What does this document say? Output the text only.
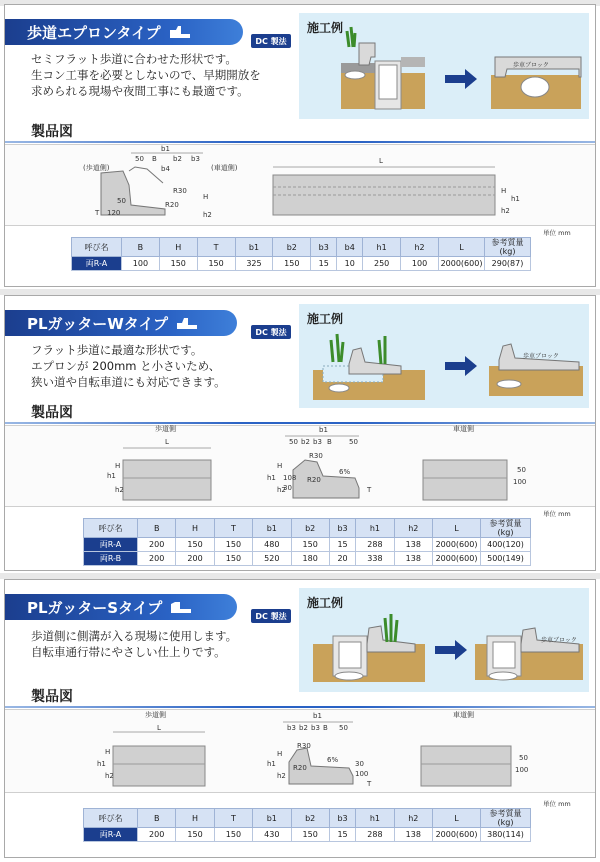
歩道エプロンタイプ	DC 製法

セミフラット歩道に合わせた形状です。

生コン工事を必要としないので、早期開放を

求められる現場や夜間工事にも最適です。

施工例
歩車ブロック
製品図
(歩道側)	(車道側)
b1
50 B b2 b3
b4
R30
R20
H
h2
T 120
50
L
H
h2
h1
単位 mm
呼び名	B	H	T	b1	b2	b3	b4	h1	h2	L	参考質量
(kg)
両R-A	100	150	150	325	150	15	10	250	100	2000(600)	290(87)
PLガッターWタイプ	DC 製法

フラット歩道に最適な形状です。

エプロンが 200mm と小さいため、

狭い道や自転車道にも対応できます。

施工例
歩車ブロック
製品図
歩道側	車道側
L
b1
50 b2 b3 B 50
R30
6%
R20
h1
H
h2
H
h2
108
30
h1
T
100
50
単位 mm
呼び名	B	H	T	b1	b2	b3	h1	h2	L	参考質量
(kg)
両R-A	200	150	150	480	150	15	288	138	2000(600)	400(120)
両R-B	200	200	150	520	180	20	338	138	2000(600)	500(149)
PLガッターSタイプ	DC 製法

歩道側に側溝が入る現場に使用します。

自転車通行帯にやさしい仕上りです。

施工例
歩車ブロック
製品図
歩道側	車道側
L
b1
b3 b2 b3 B 50
R30
6%
R20
h1
H
h2
H
h2
h1
100
30
T
100
50
単位 mm
呼び名	B	H	T	b1	b2	b3	h1	h2	L	参考質量
(kg)
両R-A	200	150	150	430	150	15	288	138	2000(600)	380(114)
